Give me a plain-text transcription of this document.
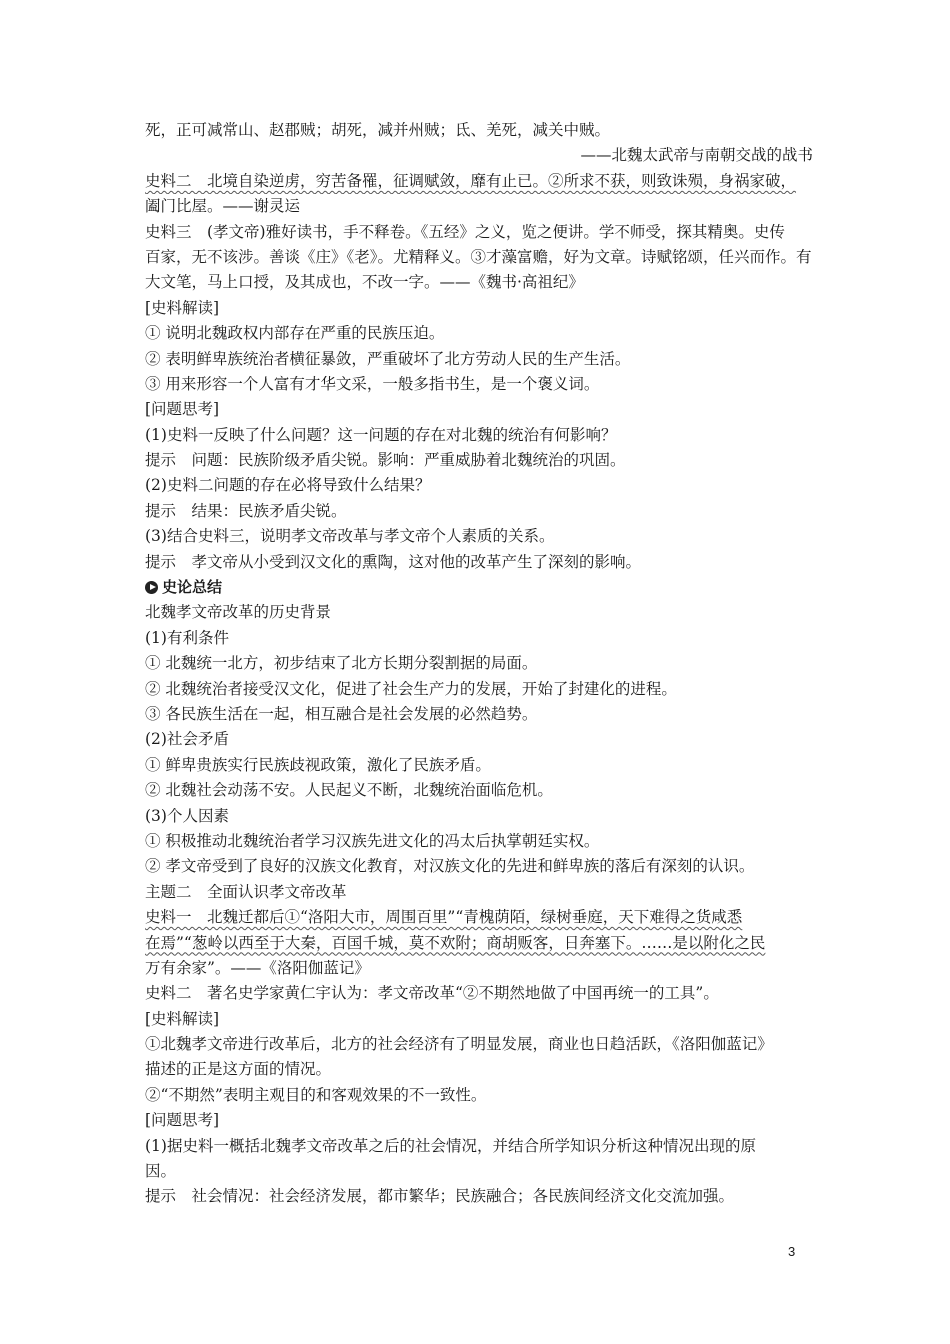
死，正可减常山、赵郡贼；胡死，减并州贼；氐、羌死，减关中贼。
——北魏太武帝与南朝交战的战书
史料二　北境自染逆虏，穷苦备罹，征调赋敛，靡有止已。②所求不获，则致诛殒，身祸家破，
阖门比屋。——谢灵运
史料三　(孝文帝)雅好读书，手不释卷。《五经》之义，览之便讲。学不师受，探其精奥。史传
百家，无不该涉。善谈《庄》《老》。尤精释义。③才藻富赡，好为文章。诗赋铭颂，任兴而作。有
大文笔，马上口授，及其成也，不改一字。——《魏书·高祖纪》
[史料解读]
① 说明北魏政权内部存在严重的民族压迫。
② 表明鲜卑族统治者横征暴敛，严重破坏了北方劳动人民的生产生活。
③ 用来形容一个人富有才华文采，一般多指书生，是一个褒义词。
[问题思考]
(1)史料一反映了什么问题？这一问题的存在对北魏的统治有何影响？
提示　问题：民族阶级矛盾尖锐。影响：严重威胁着北魏统治的巩固。
(2)史料二问题的存在必将导致什么结果？
提示　结果：民族矛盾尖锐。
(3)结合史料三，说明孝文帝改革与孝文帝个人素质的关系。
提示　孝文帝从小受到汉文化的熏陶，这对他的改革产生了深刻的影响。
史论总结
北魏孝文帝改革的历史背景
(1)有利条件
① 北魏统一北方，初步结束了北方长期分裂割据的局面。
② 北魏统治者接受汉文化，促进了社会生产力的发展，开始了封建化的进程。
③ 各民族生活在一起，相互融合是社会发展的必然趋势。
(2)社会矛盾
① 鲜卑贵族实行民族歧视政策，激化了民族矛盾。
② 北魏社会动荡不安。人民起义不断，北魏统治面临危机。
(3)个人因素
① 积极推动北魏统治者学习汉族先进文化的冯太后执掌朝廷实权。
② 孝文帝受到了良好的汉族文化教育，对汉族文化的先进和鲜卑族的落后有深刻的认识。
主题二　全面认识孝文帝改革
史料一　北魏迁都后①“洛阳大市，周围百里”“青槐荫陌，绿树垂庭，天下难得之货咸悉
在焉”“葱岭以西至于大秦，百国千城，莫不欢附；商胡贩客，日奔塞下。……是以附化之民
万有余家”。——《洛阳伽蓝记》
史料二　著名史学家黄仁宇认为：孝文帝改革“②不期然地做了中国再统一的工具”。
[史料解读]
①北魏孝文帝进行改革后，北方的社会经济有了明显发展，商业也日趋活跃，《洛阳伽蓝记》
描述的正是这方面的情况。
②“不期然”表明主观目的和客观效果的不一致性。
[问题思考]
(1)据史料一概括北魏孝文帝改革之后的社会情况，并结合所学知识分析这种情况出现的原
因。
提示　社会情况：社会经济发展，都市繁华；民族融合；各民族间经济文化交流加强。
3
